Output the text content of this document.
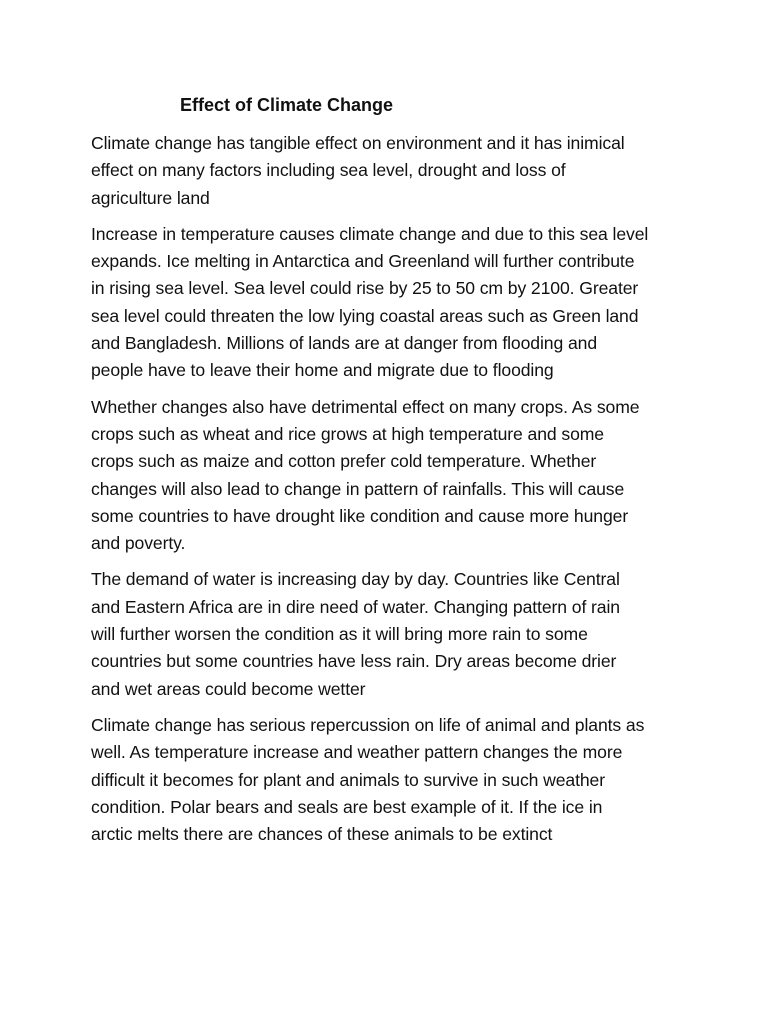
Effect of Climate Change

Climate change has tangible effect on environment and it has inimical
effect on many factors including sea level, drought and loss of
agriculture land

Increase in temperature causes climate change and due to this sea level
expands. Ice melting in Antarctica and Greenland will further contribute
in rising sea level. Sea level could rise by 25 to 50 cm by 2100. Greater
sea level could threaten the low lying coastal areas such as Green land
and Bangladesh. Millions of lands are at danger from flooding and
people have to leave their home and migrate due to flooding

Whether changes also have detrimental effect on many crops. As some
crops such as wheat and rice grows at high temperature and some
crops such as maize and cotton prefer cold temperature. Whether
changes will also lead to change in pattern of rainfalls. This will cause
some countries to have drought like condition and cause more hunger
and poverty.

The demand of water is increasing day by day. Countries like Central
and Eastern Africa are in dire need of water. Changing pattern of rain
will further worsen the condition as it will bring more rain to some
countries but some countries have less rain. Dry areas become drier
and wet areas could become wetter

Climate change has serious repercussion on life of animal and plants as
well. As temperature increase and weather pattern changes the more
difficult it becomes for plant and animals to survive in such weather
condition. Polar bears and seals are best example of it. If the ice in
arctic melts there are chances of these animals to be extinct
